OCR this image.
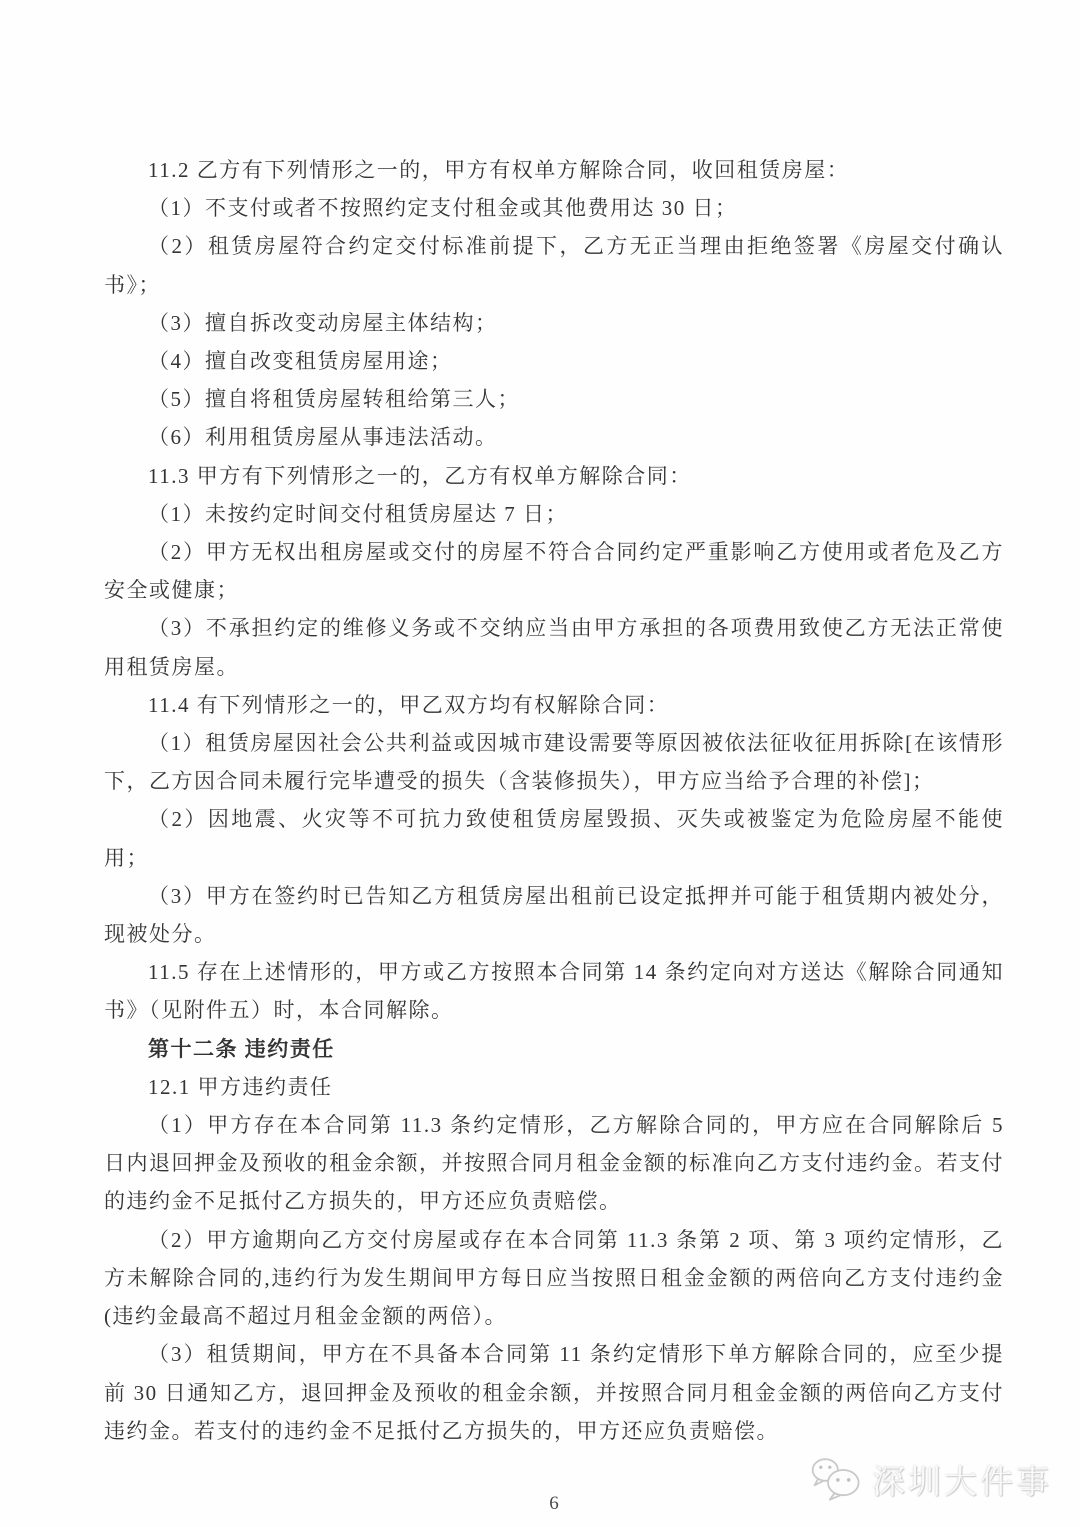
11.2 乙方有下列情形之一的，甲方有权单方解除合同，收回租赁房屋：

（1）不支付或者不按照约定支付租金或其他费用达 30 日；

（2）租赁房屋符合约定交付标准前提下，乙方无正当理由拒绝签署《房屋交付确认书》；

（3）擅自拆改变动房屋主体结构；

（4）擅自改变租赁房屋用途；

（5）擅自将租赁房屋转租给第三人；

（6）利用租赁房屋从事违法活动。

11.3 甲方有下列情形之一的，乙方有权单方解除合同：

（1）未按约定时间交付租赁房屋达 7 日；

（2）甲方无权出租房屋或交付的房屋不符合合同约定严重影响乙方使用或者危及乙方安全或健康；

（3）不承担约定的维修义务或不交纳应当由甲方承担的各项费用致使乙方无法正常使用租赁房屋。

11.4 有下列情形之一的，甲乙双方均有权解除合同：

（1）租赁房屋因社会公共利益或因城市建设需要等原因被依法征收征用拆除[在该情形下，乙方因合同未履行完毕遭受的损失（含装修损失），甲方应当给予合理的补偿]；

（2）因地震、火灾等不可抗力致使租赁房屋毁损、灭失或被鉴定为危险房屋不能使用；

（3）甲方在签约时已告知乙方租赁房屋出租前已设定抵押并可能于租赁期内被处分，现被处分。

11.5 存在上述情形的，甲方或乙方按照本合同第 14 条约定向对方送达《解除合同通知书》（见附件五）时，本合同解除。

第十二条 违约责任

12.1 甲方违约责任

（1）甲方存在本合同第 11.3 条约定情形，乙方解除合同的，甲方应在合同解除后 5 日内退回押金及预收的租金余额，并按照合同月租金金额的标准向乙方支付违约金。若支付的违约金不足抵付乙方损失的，甲方还应负责赔偿。

（2）甲方逾期向乙方交付房屋或存在本合同第 11.3 条第 2 项、第 3 项约定情形，乙方未解除合同的,违约行为发生期间甲方每日应当按照日租金金额的两倍向乙方支付违约金(违约金最高不超过月租金金额的两倍）。

（3）租赁期间，甲方在不具备本合同第 11 条约定情形下单方解除合同的，应至少提前 30 日通知乙方，退回押金及预收的租金余额，并按照合同月租金金额的两倍向乙方支付违约金。若支付的违约金不足抵付乙方损失的，甲方还应负责赔偿。

6
深圳大件事
